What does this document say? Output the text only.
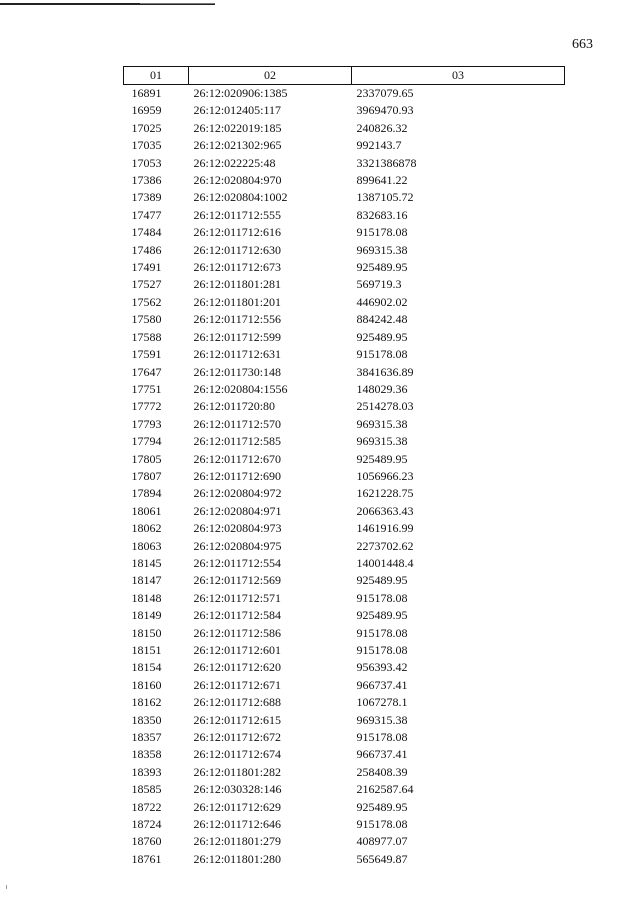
663
01	02	03
16891	26:12:020906:1385	2337079.65
16959	26:12:012405:117	3969470.93
17025	26:12:022019:185	240826.32
17035	26:12:021302:965	992143.7
17053	26:12:022225:48	3321386878
17386	26:12:020804:970	899641.22
17389	26:12:020804:1002	1387105.72
17477	26:12:011712:555	832683.16
17484	26:12:011712:616	915178.08
17486	26:12:011712:630	969315.38
17491	26:12:011712:673	925489.95
17527	26:12:011801:281	569719.3
17562	26:12:011801:201	446902.02
17580	26:12:011712:556	884242.48
17588	26:12:011712:599	925489.95
17591	26:12:011712:631	915178.08
17647	26:12:011730:148	3841636.89
17751	26:12:020804:1556	148029.36
17772	26:12:011720:80	2514278.03
17793	26:12:011712:570	969315.38
17794	26:12:011712:585	969315.38
17805	26:12:011712:670	925489.95
17807	26:12:011712:690	1056966.23
17894	26:12:020804:972	1621228.75
18061	26:12:020804:971	2066363.43
18062	26:12:020804:973	1461916.99
18063	26:12:020804:975	2273702.62
18145	26:12:011712:554	14001448.4
18147	26:12:011712:569	925489.95
18148	26:12:011712:571	915178.08
18149	26:12:011712:584	925489.95
18150	26:12:011712:586	915178.08
18151	26:12:011712:601	915178.08
18154	26:12:011712:620	956393.42
18160	26:12:011712:671	966737.41
18162	26:12:011712:688	1067278.1
18350	26:12:011712:615	969315.38
18357	26:12:011712:672	915178.08
18358	26:12:011712:674	966737.41
18393	26:12:011801:282	258408.39
18585	26:12:030328:146	2162587.64
18722	26:12:011712:629	925489.95
18724	26:12:011712:646	915178.08
18760	26:12:011801:279	408977.07
18761	26:12:011801:280	565649.87
